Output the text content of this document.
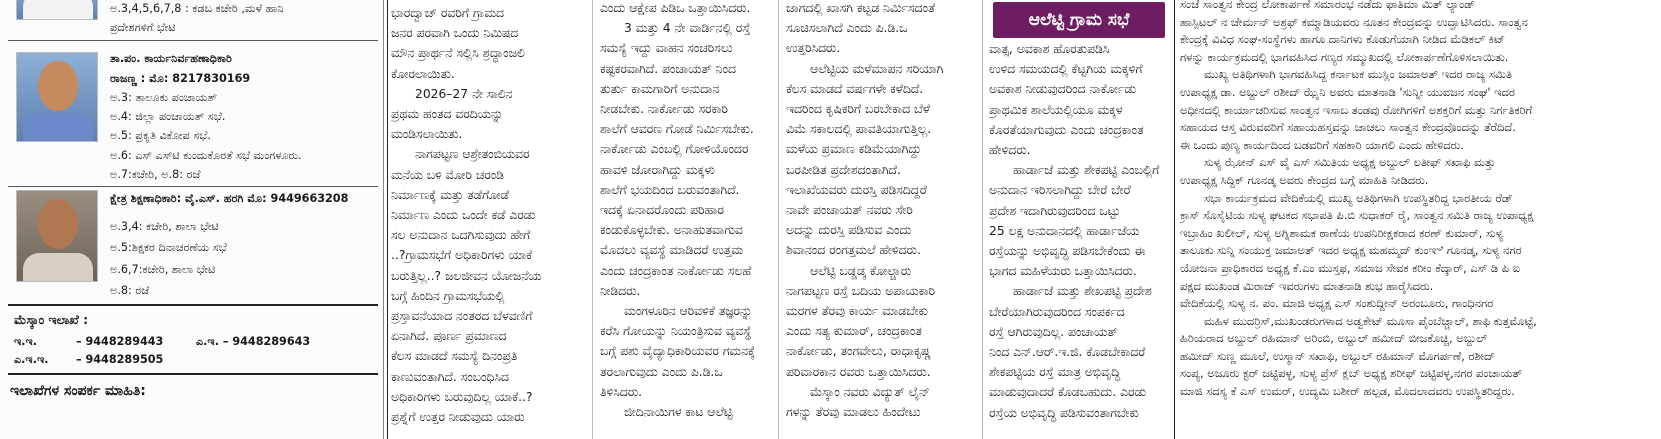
ಅ.3,4,5,6,7,8 : ಕಡಬ ಕಚೇರಿ ,ಮಳೆ ಹಾನಿ
ಪ್ರದೇಶಗಳಿಗೆ ಭೇಟಿ
ತಾ.ಪಂ. ಕಾರ್ಯನಿರ್ವಹಣಾಧಿಕಾರಿ
ರಾಜಣ್ಣ : ಮೊ: 8217830169
ಅ.3: ತಾಲೂಕು ಪಂಚಾಯತ್
ಅ.4: ಜಿಲ್ಲಾ ಪಂಚಾಯತ್ ಸಭೆ.
ಅ.5: ಪ್ರಕೃತಿ ವಿಕೋಪ ಸಭೆ.
ಅ.6: ಎಸ್ ಎಸ್‌ಟಿ ಕುಂದುಕೊರತೆ ಸಭೆ ಮಂಗಳೂರು.
ಅ.7:ಕಚೇರಿ, ಅ.8: ರಜೆ
ಕ್ಷೇತ್ರ ಶಿಕ್ಷಣಾಧಿಕಾರಿ: ವೈ.ಎಸ್. ಹರಗಿ ಮೊ: 9449663208
ಅ.3,4: ಕಚೇರಿ, ಶಾಲಾ ಭೇಟಿ
ಅ.5:ಶಿಕ್ಷಕರ ದಿನಾಚರಣೆಯ ಸಭೆ
ಅ.6,7:ಕಚೇರಿ, ಶಾಲಾ ಭೇಟಿ
ಅ.8: ರಜೆ
ಮೆಸ್ಕಾಂ ಇಲಾಖೆ :
ಇ.ಇ.	– 9448289443	ಎ.ಇ. – 9448289643
ಎ.ಇ.ಇ. – 9448289505
ಇಲಾಖೆಗಳ ಸಂಪರ್ಕ ಮಾಹಿತಿ:

ಭಾರದ್ವಾಜ್ ರವರಿಗೆ ಗ್ರಾಮದ

ಜನರ ಪರವಾಗಿ ಒಂದು ನಿಮಿಷದ

ಮೌನ ಪ್ರಾರ್ಥನೆ ಸಲ್ಲಿಸಿ ಶ್ರದ್ಧಾಂಜಲಿ

ಕೋರಲಾಯಿತು.

2026–27 ನೇ ಸಾಲಿನ

ಪ್ರಥಮ ಹಂತದ ವರದಿಯನ್ನು

ಮಂಡಿಸಲಾಯಿತು.

ನಾಗಪಟ್ಟಣ ಆಶ್ರೇತಂಬಿಯವರ

ಮನೆಯ ಬಳಿ ಮೋರಿ ಚರಂಡಿ

ನಿರ್ಮಾಣಕ್ಕೆ ಮತ್ತು ತಡೆಗೋಡೆ

ನಿರ್ಮಾಣ ಎಂದು ಒಂದೇ ಕಡೆ ಎರಡು

ಸಲ ಅನುದಾನ ಒದಗಿಸುವುದು ಹೇಗೆ

..?ಗ್ರಾಮಸಭೆಗೆ ಅಧಿಕಾರಿಗಳು ಯಾಕೆ

ಬರುತ್ತಿಲ್ಲ..? ಜಲಜೀವನ ಯೋಜನೆಯ

ಬಗ್ಗೆ ಹಿಂದಿನ ಗ್ರಾಮಸಭೆಯಲ್ಲಿ

ಪ್ರಸ್ತಾವನೆಯಾದ ನಂತರದ ಬೆಳವಣಿಗೆ

ಏನಾಗಿದೆ. ಪೂರ್ಣ ಪ್ರಮಾಣದ

ಕೆಲಸ ಮಾಡದೆ ಸಮಸ್ಯೆ ದಿನಂಪ್ರತಿ

ಕಾಣುವಂತಾಗಿದೆ. ಸಂಬಂಧಿಸಿದ

ಅಧಿಕಾರಿಗಳು ಬರುವುದಿಲ್ಲ ಯಾಕೆ..?

ಪ್ರಶ್ನೆಗೆ ಉತ್ತರ ನೀಡುವುದು ಯಾರು

ಎಂದು ಆಕ್ಷೇಪ ಪಿಡಿಒ ಒತ್ತಾಯಿಸಿದರು.

3 ಮತ್ತು 4 ನೇ ವಾರ್ಡಿನಲ್ಲಿ ರಸ್ತೆ

ಸಮಸ್ಯೆ ಇದ್ದು ವಾಹನ ಸಂಚರಿಸಲು

ಕಷ್ಟಕರವಾಗಿದೆ. ಪಂಚಾಯತ್ ನಿಂದ

ತುರ್ತು ಕಾಮಗಾರಿಗೆ ಅನುದಾನ

ನೀಡಬೇಕು. ನಾರ್ಕೋಡು ಸರಕಾರಿ

ಶಾಲೆಗೆ ಆವರಣ ಗೋಡೆ ನಿರ್ಮಿಸಬೇಕು.

ನಾರ್ಕೋಡು ಎಂಬಲ್ಲಿ ಗೋಳಿಯೊಂದರ

ಹಾವಳಿ ಜೋರಾಗಿದ್ದು ಮಕ್ಕಳು

ಶಾಲೆಗೆ ಭಯದಿಂದ ಬರುವಂತಾಗಿದೆ.

ಇದಕ್ಕೆ ಏನಾದರೊಂದು ಪರಿಹಾರ

ಕಂಡುಕೊಳ್ಳಬೇಕು. ಅನಾಹುತವಾಗುವ

ಮೊದಲು ವ್ಯವಸ್ಥೆ ಮಾಡಿದರೆ ಉತ್ತಮ

ಎಂದು ಚಂದ್ರಕಾಂತ ನಾರ್ಕೋಡು ಸಲಹೆ

ನೀಡಿದರು.

ಮಂಗಳೂರಿನ ಆರಿವಳಿಕೆ ತಜ್ಞರನ್ನು

ಕರೆಸಿ ಗೋಯನ್ನು ನಿಯಂತ್ರಿಸುವ ವ್ಯವಸ್ಥೆ

ಬಗ್ಗೆ ಪಶು ವೈದ್ಯಾಧಿಕಾರಿಯವರ ಗಮನಕ್ಕೆ

ತರಲಾಗುವುದು ಎಂದು ಪಿ.ಡಿ.ಒ

ತಿಳಿಸಿದರು.

ಜೀದಿನಾಯಿಗಳ ಕಾಟ ಆಲೆಟ್ಟಿ

ಜಾಗದಲ್ಲಿ ಖಾಸಗಿ ಕಟ್ಟಡ ನಿರ್ಮಿಸದಂತೆ

ಸೂಚಿಸಲಾಗಿದೆ ಎಂದು ಪಿ.ಡಿ.ಒ

ಉತ್ತರಿಸಿದರು.

ಆಲೆಟ್ಟಿಯ ಮಳೆಮಾಪನ ಸರಿಯಾಗಿ

ಕೆಲಸ ಮಾಡದೆ ವರ್ಷಗಳೇ ಕಳೆದಿದೆ.

ಇದರಿಂದ ಕೃಷಿಕರಿಗೆ ಬರಬೇಕಾದ ಬೆಳೆ

ವಿಮೆ ಸಕಾಲದಲ್ಲಿ ಪಾವತಿಯಾಗುತ್ತಿಲ್ಲ.

ಮಳೆಯ ಪ್ರಮಾಣ ಕಡಿಮೆಯಾಗಿದ್ದು

ಬರಪೀಡಿತ ಪ್ರದೇಶದಂತಾಗಿದೆ.

ಇಲಾಖೆಯವರು ದುರಸ್ತಿ ಪಡಿಸದಿದ್ದರೆ

ನಾವೇ ಪಂಚಾಯತ್ ನವರು ಸೇರಿ

ಅದನ್ನು ದುರಸ್ತಿ ಪಡಿಸುವ ಎಂದು

ಶಿವಾನಂದ ರಂಗತ್ತಮಲೆ ಹೇಳಿದರು.

ಆಲೆಟ್ಟಿ ಬಡ್ಡಡ್ಕ ಕೋಲ್ಚಾರು

ನಾಗಪಟ್ಟಣ ರಸ್ತೆ ಬದಿಯ ಅಪಾಯಕಾರಿ

ಮರಗಳ ತೆರವು ಕಾರ್ಯ ಮಾಡಬೇಕು

ಎಂದು ಸತ್ಯ ಕುಮಾರ್, ಚಂದ್ರಕಾಂತ

ನಾರ್ಕೋಡು, ತಂಗವೇಲು, ರಾಧಾಕೃಷ್ಣ

ಪರಿವಾರಕಾನ ರವರು ಒತ್ತಾಯಿಸಿದರು.

ಮೆಸ್ಕಾಂ ನವರು ವಿದ್ಯುತ್ ಲೈನ್

ಗಳನ್ನು ತೆರವು ಮಾಡಲು ಹಿಂದೇಟು

ಆಲೆಟ್ಟಿ ಗ್ರಾಮ ಸಭೆ

ವಾತ್ಸ, ಅವಕಾಶ ಹೊರತುಪಡಿಸಿ

ಉಳಿದ ಸಮಯದಲ್ಲಿ ಕೆಟ್ಟಗಿಯ ಮಕ್ಕಳಿಗೆ

ಅವಕಾಶ ನೀಡುವುದರಿಂದ ನಾರ್ಕೋಡು

ಪ್ರಾಥಮಿಕ ಶಾಲೆಯಲ್ಲಿಯೂ ಮಕ್ಕಳ

ಕೊರತೆಯಾಗುವುದು ಎಂದು ಚಂದ್ರಕಾಂತ

ಹೇಳಿದರು.

ಹಾರ್ಡಾಜೆ ಮತ್ತು ಶೇಕಪಟ್ಟಿ ಎಂಬಲ್ಲಿಗೆ

ಅನುದಾನ ಇರಿಸಲಾಗಿದ್ದು ಬೇರೆ ಬೇರೆ

ಪ್ರದೇಶ ಇದಾಗಿರುವುದರಿಂದ ಒಟ್ಟು

25 ಲಕ್ಷ ಅನುದಾನದಲ್ಲಿ ಹಾರ್ಡಾಜೆಯ

ರಸ್ತೆಯನ್ನು ಅಭಿವೃದ್ಧಿ ಪಡಿಸಬೇಕೆಂದು ಈ

ಭಾಗದ ಮಹಿಳೆಯರು ಒತ್ತಾಯಿಸಿದರು.

ಹಾರ್ಡಾಜೆ ಮತ್ತು ಶೇಖಪಟ್ಟಿ ಪ್ರದೇಶ

ಬೇರೆಯಾಗಿರುವುದರಿಂದ ಸಂಪರ್ಕದ

ರಸ್ತೆ ಆಗಿರುವುದಿಲ್ಲ. ಪಂಚಾಯತ್

ನಿಂದ ಎನ್.ಆರ್.ಇ.ಜಿ. ಕೊಡಬೇಕಾದರೆ

ಶೇಕಪಟ್ಟಿಯ ರಸ್ತೆ ಮಾತ್ರ ಅಭಿವೃದ್ಧಿ

ಮಾಡುವುದಾದರೆ ಕೊಡಬಹುದು. ಎರಡು

ರಸ್ತೆಯ ಅಭಿವೃದ್ಧಿ ಪಡಿಸುವಂತಾಗಬೇಕು

ಸಂಜೆ ಸಾಂತ್ವನ ಕೇಂದ್ರ ಲೋಕಾರ್ಪಣೆ ಸಮಾರಂಭ ನಡೆದು ಫಾತಿಮಾ ಮಿತ್ ಲ್ಯಾಂಡ್

ಹಾಸ್ಪಿಟಲ್ ನ ಚೇರ್ಮನ್ ಅಶ್ರಫ್ ಕಮ್ಮಾಡಿಯವರು ನೂತನ ಕೇಂದ್ರವನ್ನು ಉದ್ಘಾಟಿಸಿದರು. ಸಾಂತ್ವನ

ಕೇಂದ್ರಕ್ಕೆ ವಿವಿಧ ಸಂಘ-ಸಂಸ್ಥೆಗಳು ಹಾಗೂ ದಾನಿಗಳು ಕೊಡುಗೆಯಾಗಿ ನೀಡಿದ ಮೆಡಿಕಲ್ ಕಿಟ್

ಗಳನ್ನು ಕಾರ್ಯಕ್ರಮದಲ್ಲಿ ಭಾಗವಹಿಸಿದ ಗಣ್ಯರ ಸಮ್ಮುಖದಲ್ಲಿ ಲೋಕಾರ್ಪಣೆಗೊಳಿಸಲಾಯಿತು.

ಮುಖ್ಯ ಅತಿಥಿಗಳಾಗಿ ಭಾಗವಹಿಸಿದ್ದ ಕರ್ನಾಟಕ ಮುಸ್ಲಿಂ ಜಮಾಅತ್ ಇದರ ರಾಜ್ಯ ಸಮಿತಿ

ಉಪಾಧ್ಯಕ್ಷ ಡಾ. ಅಬ್ದುಲ್ ರಶೀದ್ ಝೈನಿ ಅವರು ಮಾತನಾಡಿ 'ಸುನ್ನೀ ಯುವಜನ ಸಂಘ' ಇದರ

ಅಧೀನದಲ್ಲಿ ಕಾರ್ಯಾಚರಿಸುವ ಸಾಂತ್ವನ ಇಸಾಬ ತಂಡವು ರೋಗಿಗಳಿಗೆ ಅಶಕ್ತರಿಗೆ ಮತ್ತು ನಿರ್ಗತಿಕರಿಗೆ

ಸಹಾಯದ ಆಸ್ತ ವಿರುವವರಿಗೆ ಸಹಾಯಹಸ್ತವನ್ನು ಚಾಚಲು ಸಾಂತ್ವನ ಕೇಂದ್ರವೊಂದನ್ನು ತೆರೆದಿದೆ.

ಈ ಒಂದು ಪುಣ್ಯ ಕಾರ್ಯದಿಂದ ಬಡವರಿಗೆ ಸಹಕಾರಿ ಯಾಗಲಿ ಎಂದು ಹೇಳಿದರು.

ಸುಳ್ಯ ಝೋನ್ ಎಸ್ ವೈ ಎಸ್ ಸಮಿತಿಯ ಅಧ್ಯಕ್ಷ ಅಬ್ದುಲ್ ಲತೀಫ್ ಸಖಾಫಿ ಮತ್ತು

ಉಪಾಧ್ಯಕ್ಷ ಸಿದ್ದಿಕ್ ಗೂನಡ್ಕ ಅವರು ಕೇಂದ್ರದ ಬಗ್ಗೆ ಮಾಹಿತಿ ನೀಡಿದರು.

ಸಭಾ ಕಾರ್ಯಕ್ರಮದ ವೇದಿಕೆಯಲ್ಲಿ ಮುಖ್ಯ ಅತಿಥಿಗಳಾಗಿ ಉಪಸ್ಥಿತರಿದ್ದ ಭಾರತೀಯ ರೆಡ್

ಕ್ರಾಸ್ ಸೊಸೈಟಿಯ ಸುಳ್ಯ ಘಟಕದ ಸಭಾಪತಿ ಪಿ.ಬಿ ಸುಧಾಕರ್ ರೈ, ಸಾಂತ್ವನ ಸಮಿತಿ ರಾಜ್ಯ ಉಪಾಧ್ಯಕ್ಷ

ಇಬ್ರಾಹಿಂ ಖಲೀಲ್, ಸುಳ್ಯ ಅಗ್ನಿಶಾಮಕ ಠಾಣೆಯ ಉಪನಿರೀಕ್ಷಕರಾದ ಕರಣ್ ಕುಮಾರ್, ಸುಳ್ಯ

ತಾಲೂಕು ಸುನ್ನಿ ಸಂಯುಕ್ತ ಜಮಾಅತ್ ಇದರ ಅಧ್ಯಕ್ಷ ಮಹಮ್ಮದ್ ಕುಂಞಿ ಗೂನಡ್ಕ, ಸುಳ್ಯ ನಗರ

ಯೋಜನಾ ಪ್ರಾಧಿಕಾರದ ಅಧ್ಯಕ್ಷ ಕೆ.ಎಂ ಮುಸ್ತಫ, ಸಮಾಜ ಸೇವಕ ಕರೀಂ ಕೆದ್ಕಾರ್, ಎಸ್ ಡಿ ಪಿ ಐ

ಪಕ್ಷದ ಮುಖಂಡ ಮಿರಾಜ್ ಇವರುಗಳು ಮಾತನಾಡಿ ಶುಭ ಹಾರೈಸಿದರು.

ವೇದಿಕೆಯಲ್ಲಿ ಸುಳ್ಯ ನ. ಪಂ. ಮಾಜಿ ಅಧ್ಯಕ್ಷ ಎಸ್ ಸಂಶುದ್ದೀನ್ ಅರಂಬೂರು, ಗಾಂಧಿನಗರ

ಮಹಿಳ ಮುದರ್ರಿಸ್,ಮುಖಂಡರುಗಳಾದ ಅಡ್ವಕೇಟ್ ಮೂಸಾ ಪೈಂಬೆಚ್ಚಾಲ್, ಶಾಫಿ ಕುತ್ತಮೊಟ್ಟೆ,

ಹಿರಿಯರಾದ ಅಬ್ದುಲ್ ರಹಿಮಾನ್ ಅರಿಂಬಿ, ಅಬ್ದುಲ್ ಹಮೀದ್ ಬೀಜಕೊಚ್ಚಿ, ಅಬ್ದುಲ್

ಹಮೀದ್ ಸುಣ್ಣ ಮೂಲೆ, ಉಸ್ಮಾನ್ ಸಖಾಫಿ, ಅಬ್ದುಲ್ ರಹಿಮಾನ್ ಮೊಗರ್ಪಣೆ, ರಶೀದ್

ಸಂಪ್ಯ, ಅಜೂರು ಕ್ಟರ್ ಜಟ್ಟಿಪಳ್ಳ, ಸುಳ್ಯ ಪ್ರೆಸ್ ಕ್ಲಬ್ ಅಧ್ಯಕ್ಷ ಶರೀಫ್ ಜಟ್ಟಿಪಳ್ಳ,ನಗರ ಪಂಚಾಯತ್

ಮಾಜಿ ಸದಸ್ಯ ಕೆ ಎಸ್ ಉಮರ್, ಉದ್ಯಮಿ ಬಶೀರ್ ಹಲ್ಪಡ, ಮೊದಲಾದವರು ಉಪಸ್ಥಿತರಿದ್ದರು.
